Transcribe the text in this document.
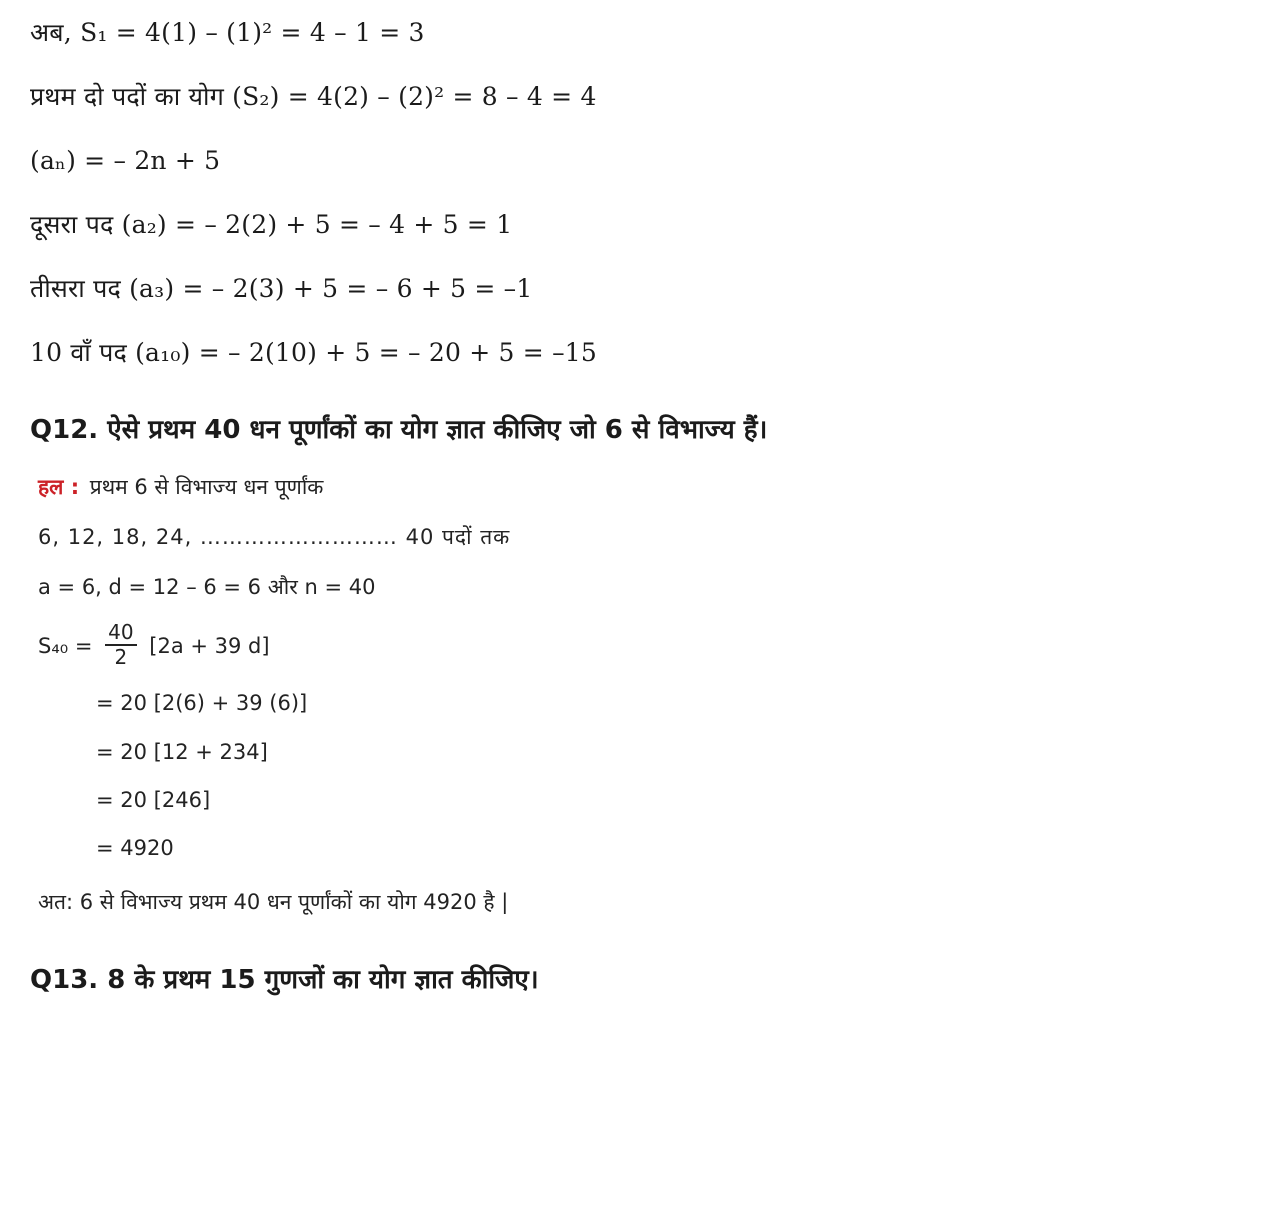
अब, S₁ = 4(1) – (1)² = 4 – 1 = 3

प्रथम दो पदों का योग (S₂) = 4(2) – (2)² = 8 – 4 = 4

(aₙ) = – 2n + 5

दूसरा पद (a₂) = – 2(2) + 5 = – 4 + 5 = 1

तीसरा पद (a₃) = – 2(3) + 5 = – 6 + 5 = –1

10 वाँ पद (a₁₀) = – 2(10) + 5 = – 20 + 5 = –15

Q12. ऐसे प्रथम 40 धन पूर्णांकों का योग ज्ञात कीजिए जो 6 से विभाज्य हैं।

हल : प्रथम 6 से विभाज्य धन पूर्णांक

6, 12, 18, 24, ……………………… 40 पदों तक

a = 6, d = 12 – 6 = 6 और n = 40

$S_{40} = \frac{40}{2} [2a + 39$ d]

= 20 [2(6) + 39 (6)]

= 20 [12 + 234]

= 20 [246]

= 4920

अत: 6 से विभाज्य प्रथम 40 धन पूर्णांकों का योग 4920 है |

Q13. 8 के प्रथम 15 गुणजों का योग ज्ञात कीजिए।
